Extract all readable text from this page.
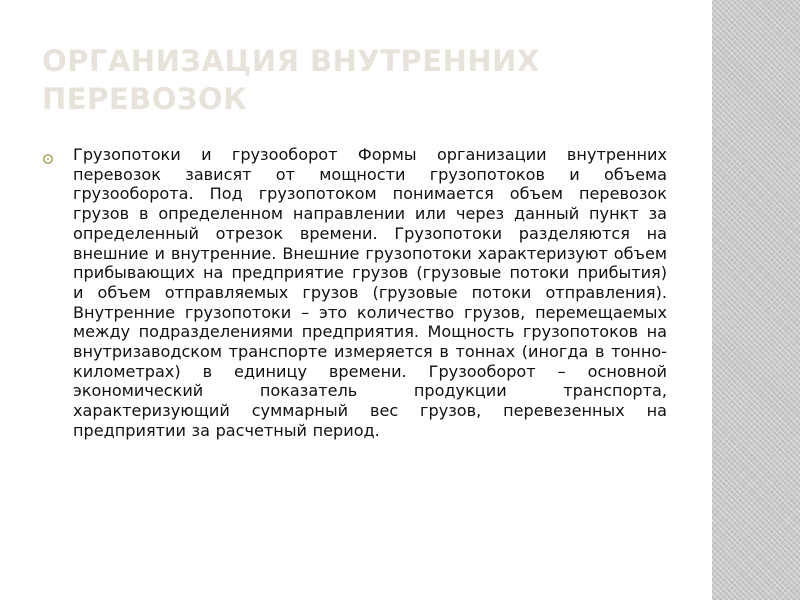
ОРГАНИЗАЦИЯ ВНУТРЕННИХ ПЕРЕВОЗОК

Грузопотоки и грузооборот Формы организации внутренних перевозок зависят от мощности грузопотоков и объема грузооборота. Под грузопотоком понимается объем перевозок грузов в определенном направлении или через данный пункт за определенный отрезок времени. Грузопотоки разделяются на внешние и внутренние. Внешние грузопотоки характеризуют объем прибывающих на предприятие грузов (грузовые потоки прибытия) и объем отправляемых грузов (грузовые потоки отправления). Внутренние грузопотоки – это количество грузов, перемещаемых между подразделениями предприятия. Мощность грузопотоков на внутризаводском транспорте измеряется в тоннах (иногда в тонно-километрах) в единицу времени. Грузооборот – основной экономический показатель продукции транспорта, характеризующий суммарный вес грузов, перевезенных на предприятии за расчетный период.
